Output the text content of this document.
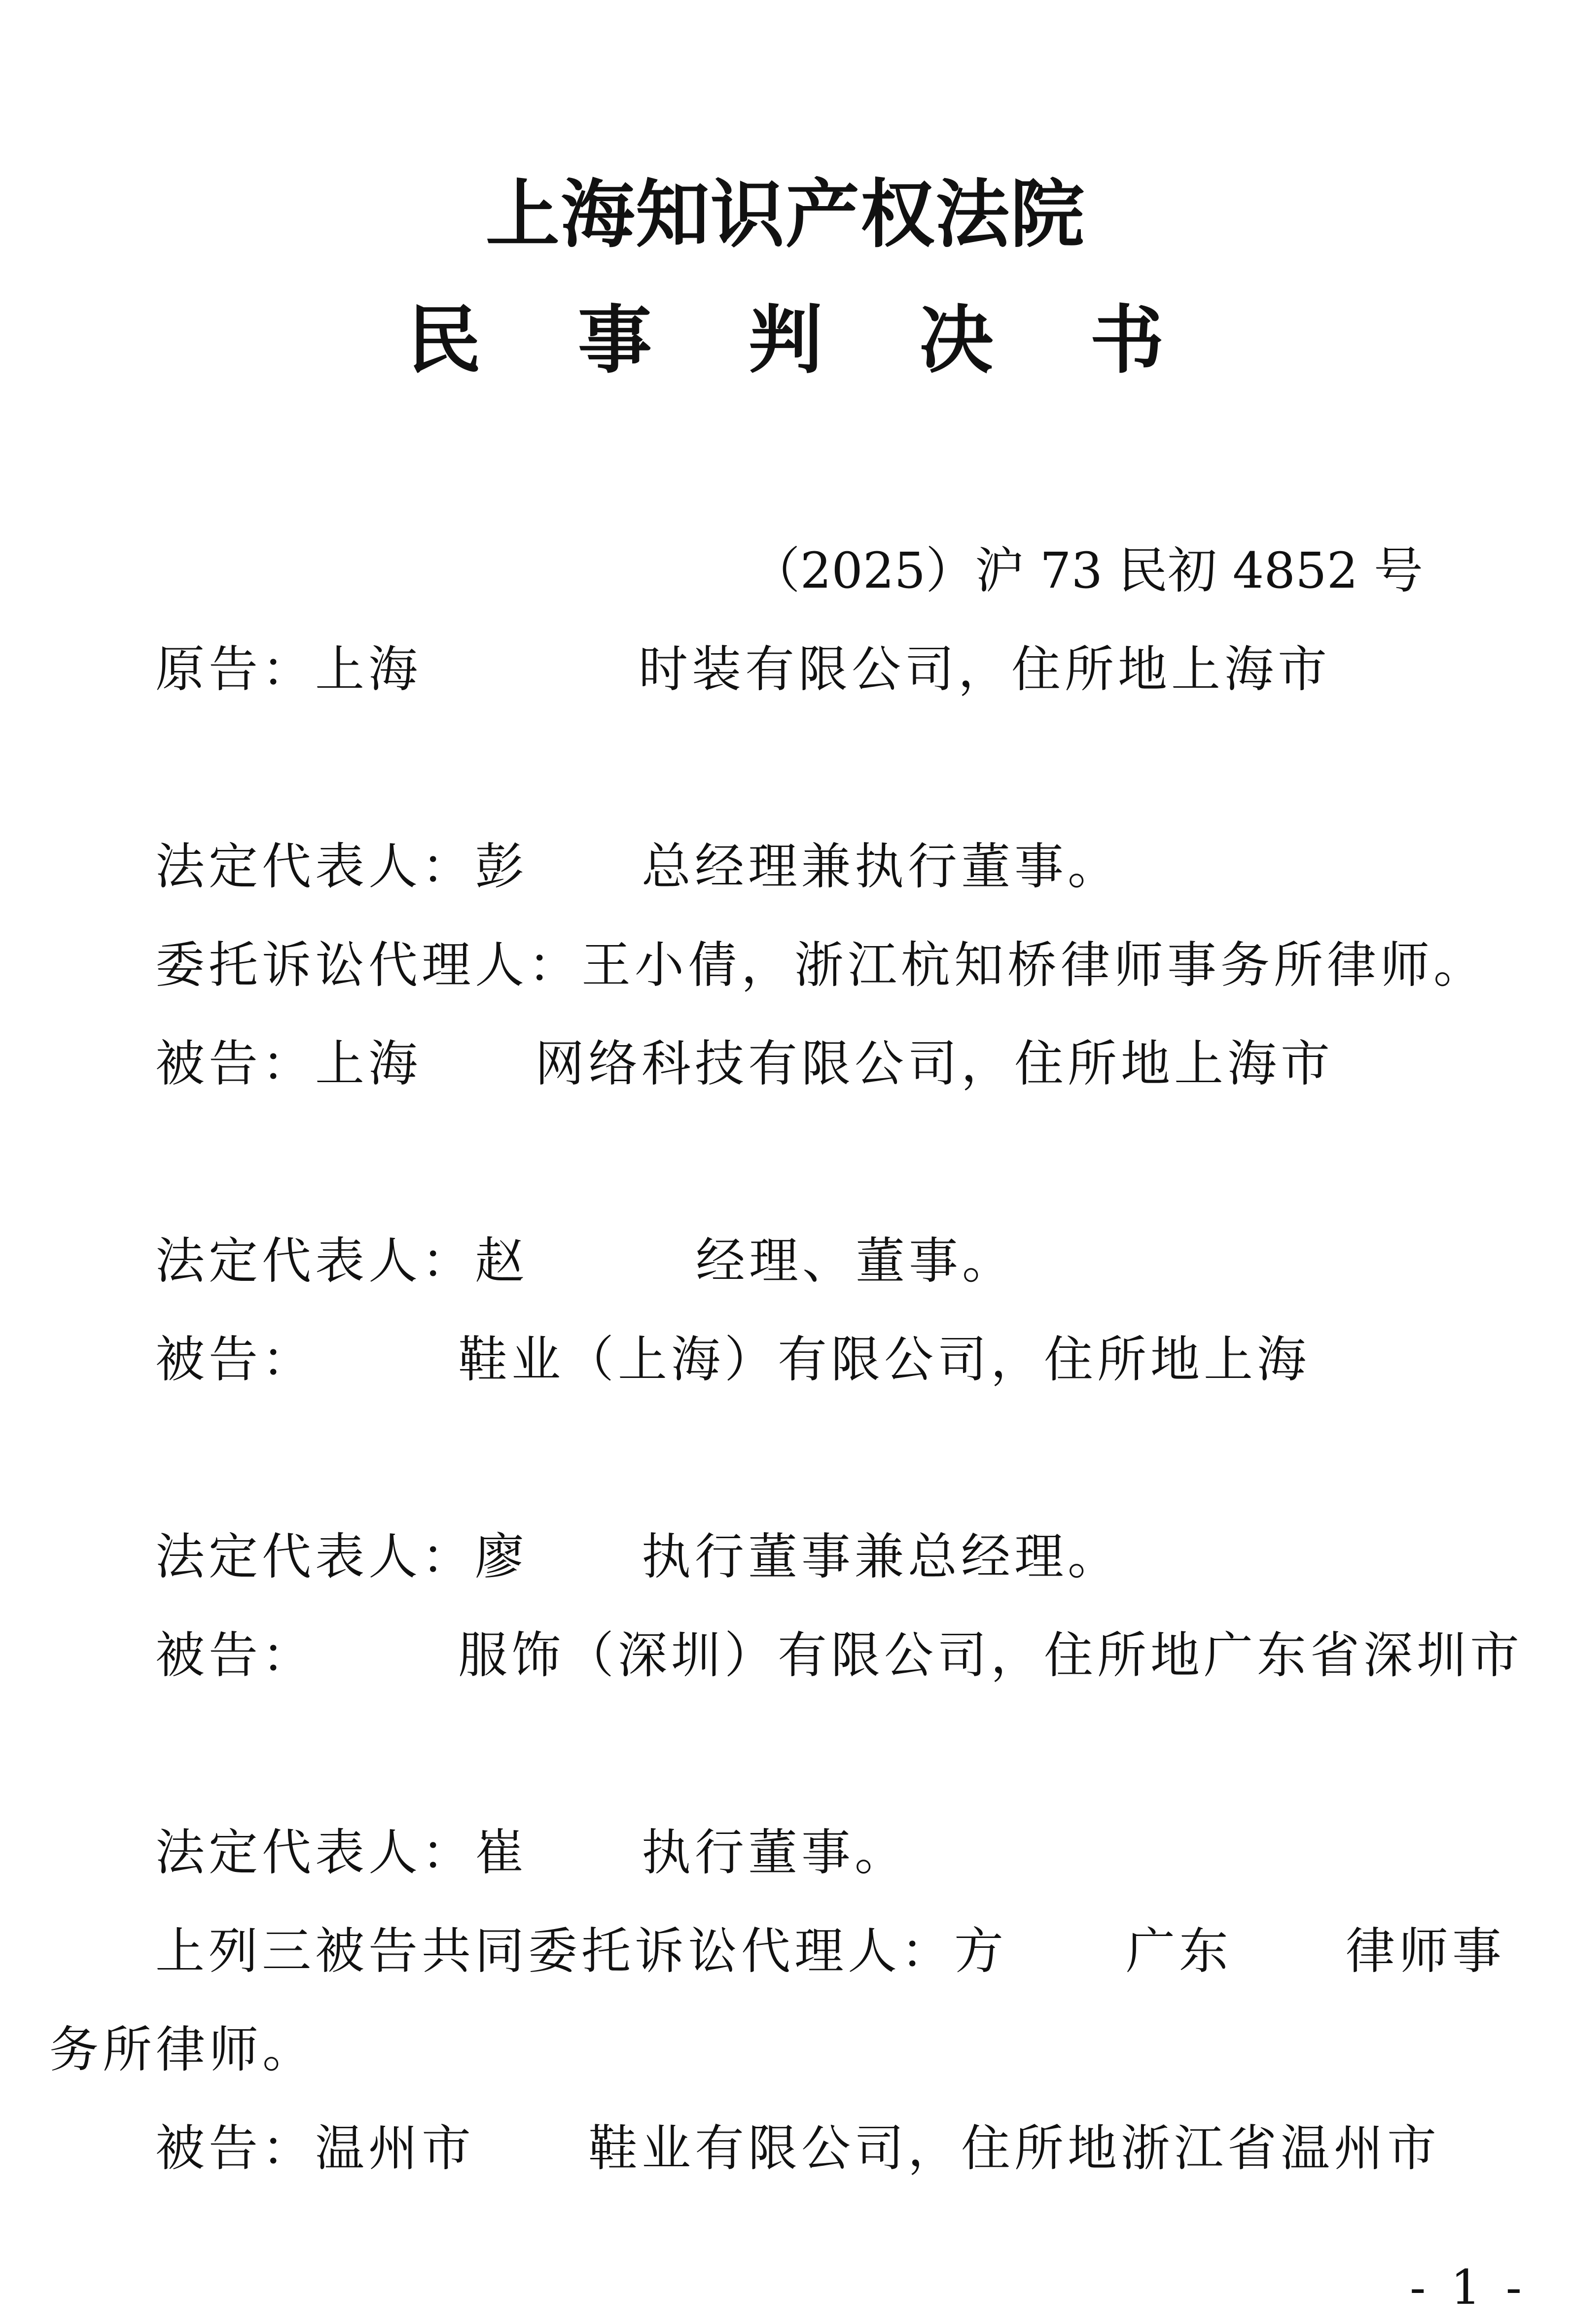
上海知识产权法院
民 事 判 决 书
（2025）沪 73 民初 4852 号
原告：上海	时装有限公司，住所地上海市
法定代表人：彭 总经理兼执行董事。
委托诉讼代理人：王小倩，浙江杭知桥律师事务所律师。
被告：上海 网络科技有限公司，住所地上海市
法定代表人：赵	经理、董事。
被告：	鞋业（上海）有限公司，住所地上海
法定代表人：廖 执行董事兼总经理。
被告：	服饰（深圳）有限公司，住所地广东省深圳市
法定代表人：崔 执行董事。
上列三被告共同委托诉讼代理人：方 广东 律师事
务所律师。
被告：温州市 鞋业有限公司，住所地浙江省温州市
- 1 -
